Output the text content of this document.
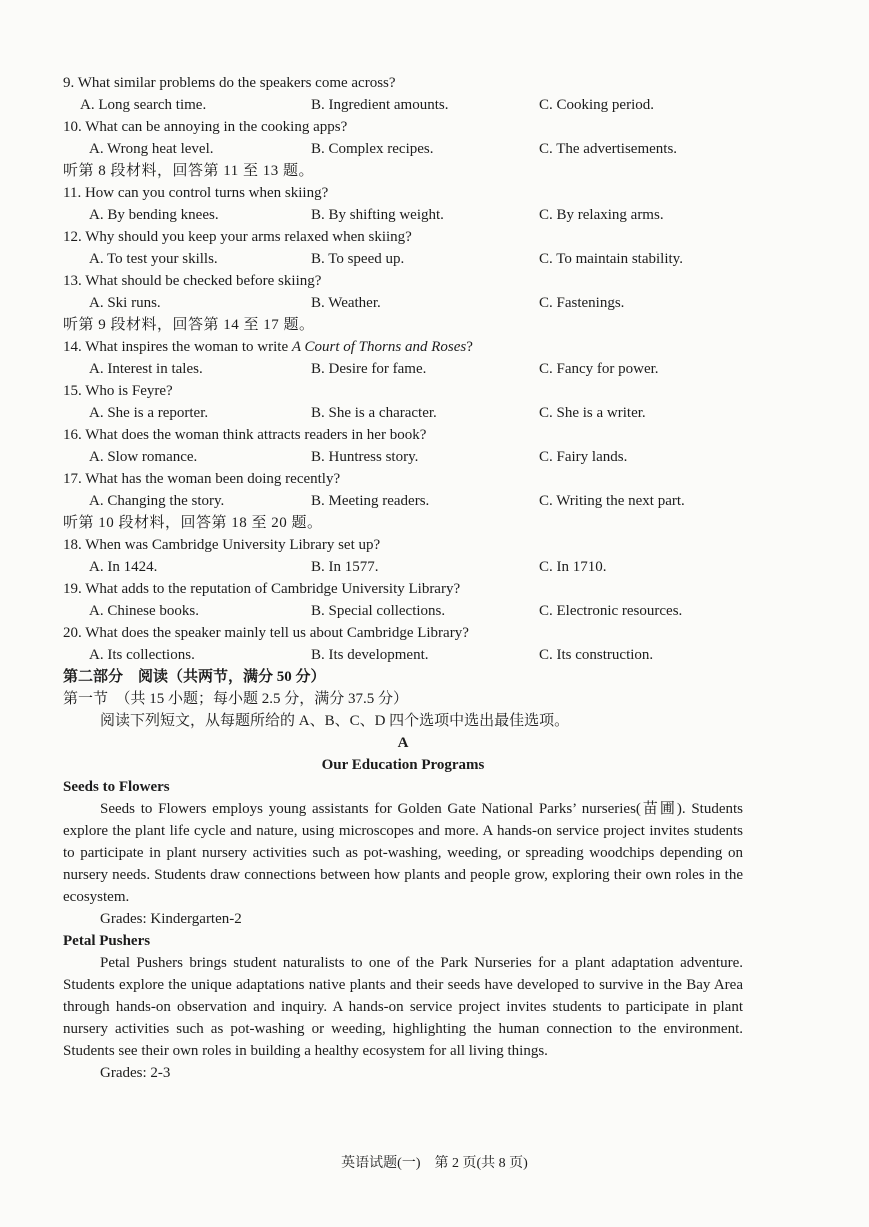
9. What similar problems do the speakers come across?
A. Long search time.	B. Ingredient amounts.	C. Cooking period.
10. What can be annoying in the cooking apps?
A. Wrong heat level.	B. Complex recipes.	C. The advertisements.
听第 8 段材料，回答第 11 至 13 题。
11. How can you control turns when skiing?
A. By bending knees.	B. By shifting weight.	C. By relaxing arms.
12. Why should you keep your arms relaxed when skiing?
A. To test your skills.	B. To speed up.	C. To maintain stability.
13. What should be checked before skiing?
A. Ski runs.	B. Weather.	C. Fastenings.
听第 9 段材料，回答第 14 至 17 题。
14. What inspires the woman to write A Court of Thorns and Roses?
A. Interest in tales.	B. Desire for fame.	C. Fancy for power.
15. Who is Feyre?
A. She is a reporter.	B. She is a character.	C. She is a writer.
16. What does the woman think attracts readers in her book?
A. Slow romance.	B. Huntress story.	C. Fairy lands.
17. What has the woman been doing recently?
A. Changing the story.	B. Meeting readers.	C. Writing the next part.
听第 10 段材料，回答第 18 至 20 题。
18. When was Cambridge University Library set up?
A. In 1424.	B. In 1577.	C. In 1710.
19. What adds to the reputation of Cambridge University Library?
A. Chinese books.	B. Special collections.	C. Electronic resources.
20. What does the speaker mainly tell us about Cambridge Library?
A. Its collections.	B. Its development.	C. Its construction.
第二部分　阅读（共两节，满分 50 分）
第一节　（共 15 小题；每小题 2.5 分，满分 37.5 分）
阅读下列短文，从每题所给的 A、B、C、D 四个选项中选出最佳选项。
A
Our Education Programs
Seeds to Flowers
Seeds to Flowers employs young assistants for Golden Gate National Parks’ nurseries(苗圃). Students explore the plant life cycle and nature, using microscopes and more. A hands-on service project invites students to participate in plant nursery activities such as pot-washing, weeding, or spreading woodchips depending on nursery needs. Students draw connections between how plants and people grow, exploring their own roles in the ecosystem.
Grades: Kindergarten-2
Petal Pushers
Petal Pushers brings student naturalists to one of the Park Nurseries for a plant adaptation adventure. Students explore the unique adaptations native plants and their seeds have developed to survive in the Bay Area through hands-on observation and inquiry. A hands-on service project invites students to participate in plant nursery activities such as pot-washing or weeding, highlighting the human connection to the environment. Students see their own roles in building a healthy ecosystem for all living things.
Grades: 2-3
英语试题(一)　第 2 页(共 8 页)
